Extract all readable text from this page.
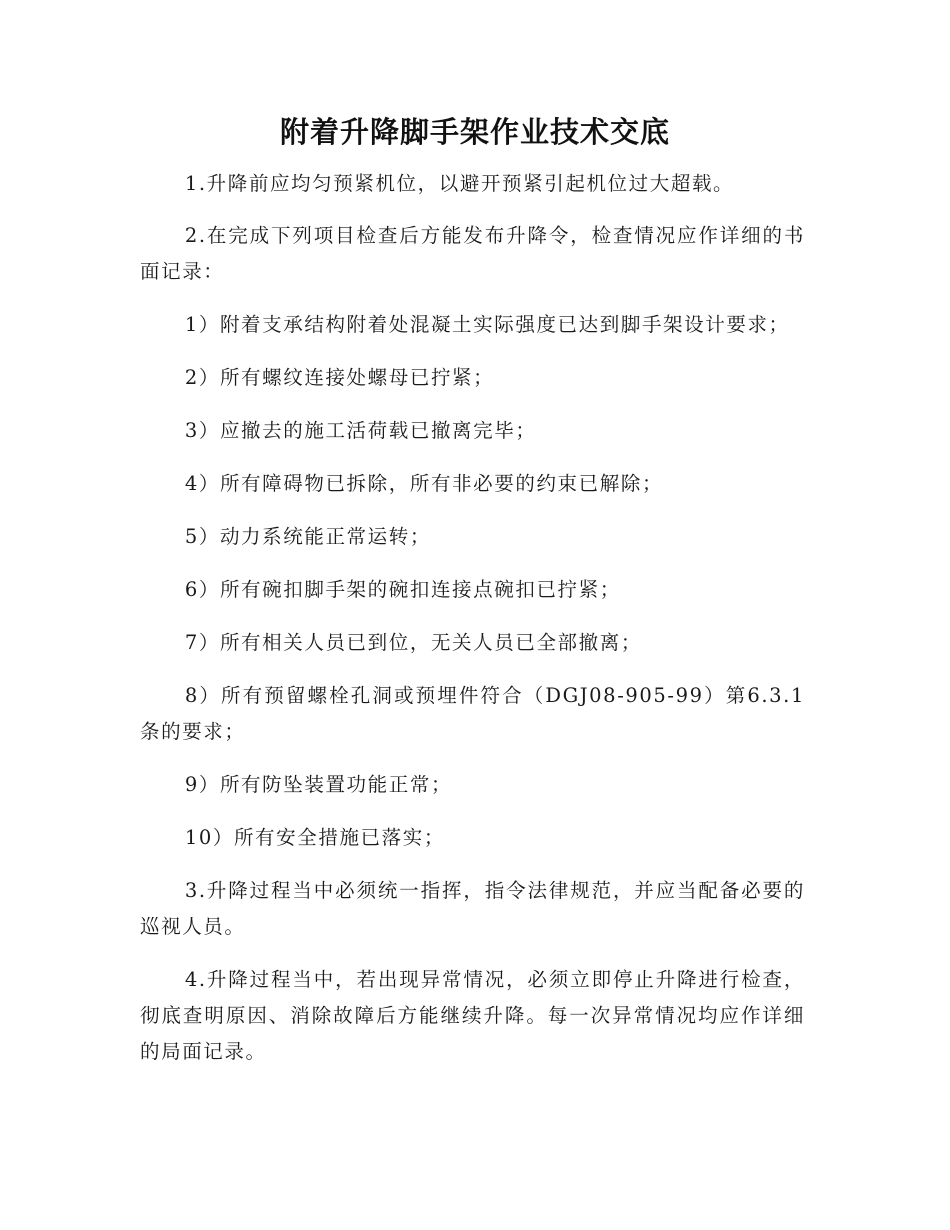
附着升降脚手架作业技术交底

1.升降前应均匀预紧机位，以避开预紧引起机位过大超载。

2.在完成下列项目检查后方能发布升降令，检查情况应作详细的书面记录：

1）附着支承结构附着处混凝土实际强度已达到脚手架设计要求；

2）所有螺纹连接处螺母已拧紧；

3）应撤去的施工活荷载已撤离完毕；

4）所有障碍物已拆除，所有非必要的约束已解除；

5）动力系统能正常运转；

6）所有碗扣脚手架的碗扣连接点碗扣已拧紧；

7）所有相关人员已到位，无关人员已全部撤离；

8）所有预留螺栓孔洞或预埋件符合（DGJ08-905-99）第6.3.1条的要求；

9）所有防坠装置功能正常；

10）所有安全措施已落实；

3.升降过程当中必须统一指挥，指令法律规范，并应当配备必要的巡视人员。

4.升降过程当中，若出现异常情况，必须立即停止升降进行检查，彻底查明原因、消除故障后方能继续升降。每一次异常情况均应作详细的局面记录。
